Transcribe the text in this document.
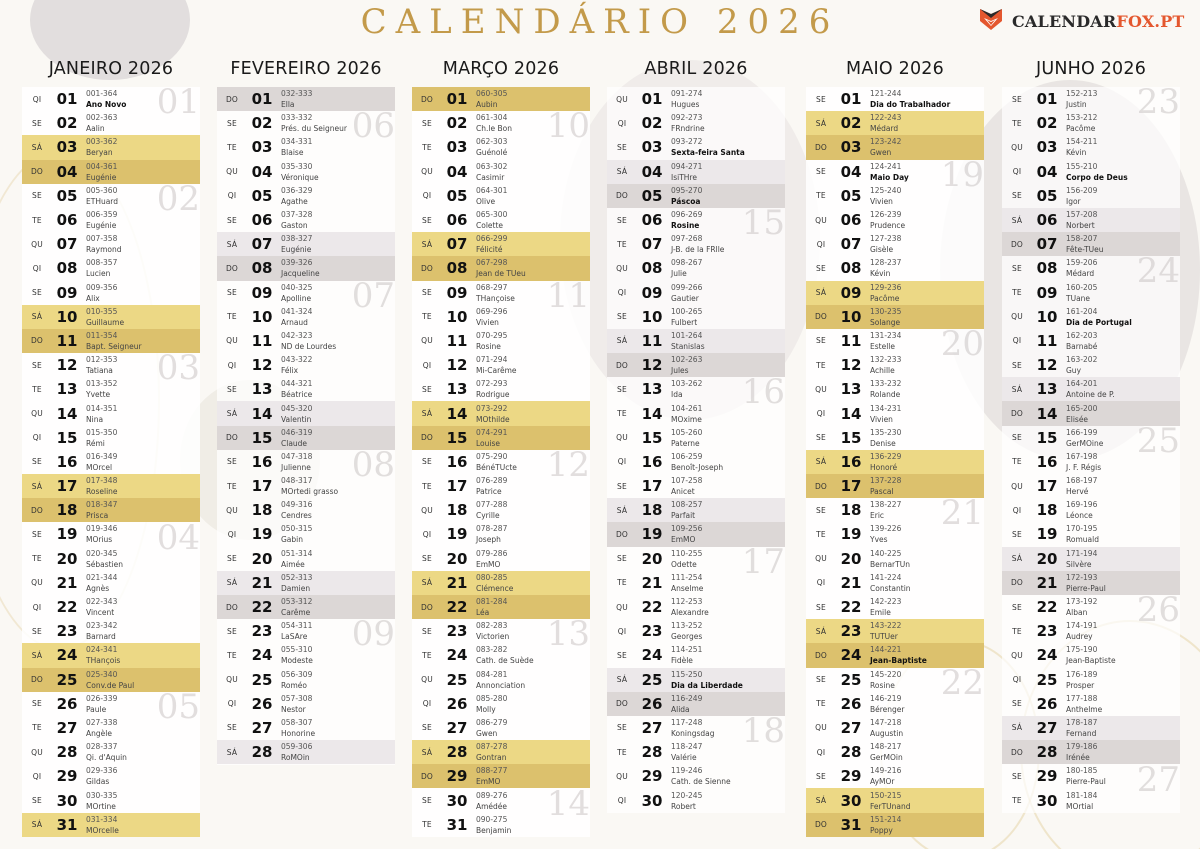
CALENDÁRIO 2026	CALENDARFOX.PT
JANEIRO 2026
QI	01	001-364
Ano Novo
SE 02	002-363
Aalin
SÁ 03	003-362
Beryan
DO 04	004-361
Eugénie
SE 05	005-360
ETHuard
TE 06	006-359
Eugénie
QU 07	007-358
Raymond
QI	08	008-357
Lucien
SE 09	009-356
Alix
SÁ 10	010-355
Guillaume
DO 11	011-354
Bapt. Seigneur
SE 12	012-353
Tatiana
TE 13	013-352
Yvette
QU 14	014-351
Nina
QI	15	015-350
Rémi
SE 16	016-349
MOrcel
SÁ 17	017-348
Roseline
DO 18	018-347
Prisca
SE 19	019-346
MOrius
TE 20	020-345
Sébastien
QU 21	021-344
Agnès
QI	22	022-343
Vincent
SE 23	023-342
Barnard
SÁ 24	024-341
THançois
DO 25	025-340
Conv.de Paul
SE 26	026-339
Paule
TE 27	027-338
Angèle
QU 28	028-337
Qi. d'Aquin
QI	29	029-336
Gildas
SE 30	030-335
MOrtine
SÁ 31	031-334
MOrcelle
01
02
03
04
05
FEVEREIRO 2026
DO 01	032-333
Ella
SE 02	033-332
Prés. du Seigneur
TE 03	034-331
Blaise
QU 04	035-330
Véronique
QI	05	036-329
Agathe
SE 06	037-328
Gaston
SÁ 07	038-327
Eugénie
DO 08	039-326
Jacqueline
SE 09	040-325
Apolline
TE 10	041-324
Arnaud
QU 11	042-323
ND de Lourdes
QI	12	043-322
Félix
SE 13	044-321
Béatrice
SÁ 14	045-320
Valentin
DO 15	046-319
Claude
SE 16	047-318
Julienne
TE 17	048-317
MOrtedi grasso
QU 18	049-316
Cendres
QI	19	050-315
Gabin
SE 20	051-314
Aimée
SÁ 21	052-313
Damien
DO 22	053-312
Carême
SE 23	054-311
LaSAre
TE 24	055-310
Modeste
QU 25	056-309
Roméo
QI	26	057-308
Nestor
SE 27	058-307
Honorine
SÁ 28	059-306
RoMOin
06
07
08
09
MARÇO 2026
DO 01	060-305
Aubin
SE 02	061-304
Ch.le Bon
TE 03	062-303
Guénolé
QU 04	063-302
Casimir
QI	05	064-301
Olive
SE 06	065-300
Colette
SÁ 07	066-299
Félicité
DO 08	067-298
Jean de TUeu
SE 09	068-297
THançoise
TE 10	069-296
Vivien
QU 11	070-295
Rosine
QI	12	071-294
Mi-Carême
SE 13	072-293
Rodrigue
SÁ 14	073-292
MOthilde
DO 15	074-291
Louise
SE 16	075-290
BénéTUcte
TE 17	076-289
Patrice
QU 18	077-288
Cyrille
QI	19	078-287
Joseph
SE 20	079-286
EmMO
SÁ 21	080-285
Clémence
DO 22	081-284
Léa
SE 23	082-283
Victorien
TE 24	083-282
Cath. de Suède
QU 25	084-281
Annonciation
QI	26	085-280
Molly
SE 27	086-279
Gwen
SÁ 28	087-278
Gontran
DO 29	088-277
EmMO
SE 30	089-276
Amédée
TE 31	090-275
Benjamin
10
11
12
13
14
ABRIL 2026
QU 01	091-274
Hugues
QI	02	092-273
FRndrine
SE 03	093-272
Sexta-feira Santa
SÁ 04	094-271
IsiTHre
DO 05	095-270
Páscoa
SE 06	096-269
Rosine
TE 07	097-268
J-B. de la FRlle
QU 08	098-267
Julie
QI	09	099-266
Gautier
SE 10	100-265
Fulbert
SÁ 11	101-264
Stanislas
DO 12	102-263
Jules
SE 13	103-262
Ida
TE 14	104-261
MOxime
QU 15	105-260
Paterne
QI	16	106-259
Benoît-Joseph
SE 17	107-258
Anicet
SÁ 18	108-257
Parfait
DO 19	109-256
EmMO
SE 20	110-255
Odette
TE 21	111-254
Anselme
QU 22	112-253
Alexandre
QI	23	113-252
Georges
SE 24	114-251
Fidèle
SÁ 25	115-250
Dia da Liberdade
DO 26	116-249
Alida
SE 27	117-248
Koningsdag
TE 28	118-247
Valérie
QU 29	119-246
Cath. de Sienne
QI	30	120-245
Robert
15
16
17
18
MAIO 2026
SE 01	121-244
Dia do Trabalhador
SÁ 02	122-243
Médard
DO 03	123-242
Gwen
SE 04	124-241
Maio Day
TE 05	125-240
Vivien
QU 06	126-239
Prudence
QI	07	127-238
Gisèle
SE 08	128-237
Kévin
SÁ 09	129-236
Pacôme
DO 10	130-235
Solange
SE 11	131-234
Estelle
TE 12	132-233
Achille
QU 13	133-232
Rolande
QI	14	134-231
Vivien
SE 15	135-230
Denise
SÁ 16	136-229
Honoré
DO 17	137-228
Pascal
SE 18	138-227
Eric
TE 19	139-226
Yves
QU 20	140-225
BernarTUn
QI	21	141-224
Constantin
SE 22	142-223
Emile
SÁ 23	143-222
TUTUer
DO 24	144-221
Jean-Baptiste
SE 25	145-220
Rosine
TE 26	146-219
Bérenger
QU 27	147-218
Augustin
QI	28	148-217
GerMOin
SE 29	149-216
AyMOr
SÁ 30	150-215
FerTUnand
DO 31	151-214
Poppy
19
20
21
22
JUNHO 2026
SE 01	152-213
Justin
TE 02	153-212
Pacôme
QU 03	154-211
Kévin
QI	04	155-210
Corpo de Deus
SE 05	156-209
Igor
SÁ 06	157-208
Norbert
DO 07	158-207
Fête-TUeu
SE 08	159-206
Médard
TE 09	160-205
TUane
QU 10	161-204
Dia de Portugal
QI	11	162-203
Barnabé
SE 12	163-202
Guy
SÁ 13	164-201
Antoine de P.
DO 14	165-200
Elisée
SE 15	166-199
GerMOine
TE 16	167-198
J. F. Régis
QU 17	168-197
Hervé
QI	18	169-196
Léonce
SE 19	170-195
Romuald
SÁ 20	171-194
Silvère
DO 21	172-193
Pierre-Paul
SE 22	173-192
Alban
TE 23	174-191
Audrey
QU 24	175-190
Jean-Baptiste
QI	25	176-189
Prosper
SE 26	177-188
Anthelme
SÁ 27	178-187
Fernand
DO 28	179-186
Irénée
SE 29	180-185
Pierre-Paul
TE 30	181-184
MOrtial
23
24
25
26
27
